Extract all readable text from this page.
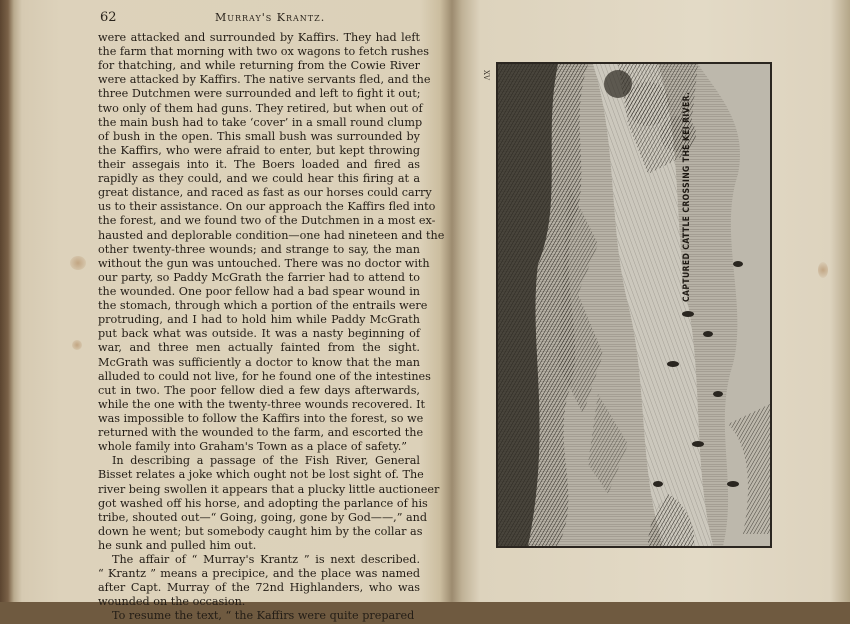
62	Murray's Krantz.
were attacked and surrounded by Kaffirs. They had left
the farm that morning with two ox wagons to fetch rushes
for thatching, and while returning from the Cowie River
were attacked by Kaffirs. The native servants fled, and the
three Dutchmen were surrounded and left to fight it out;
two only of them had guns. They retired, but when out of
the main bush had to take ‘cover’ in a small round clump
of bush in the open. This small bush was surrounded by
the Kaffirs, who were afraid to enter, but kept throwing
their assegais into it. The Boers loaded and fired as
rapidly as they could, and we could hear this firing at a
great distance, and raced as fast as our horses could carry
us to their assistance. On our approach the Kaffirs fled into
the forest, and we found two of the Dutchmen in a most ex-
hausted and deplorable condition—one had nineteen and the
other twenty-three wounds; and strange to say, the man
without the gun was untouched. There was no doctor with
our party, so Paddy McGrath the farrier had to attend to
the wounded. One poor fellow had a bad spear wound in
the stomach, through which a portion of the entrails were
protruding, and I had to hold him while Paddy McGrath
put back what was outside. It was a nasty beginning of
war, and three men actually fainted from the sight.
McGrath was sufficiently a doctor to know that the man
alluded to could not live, for he found one of the intestines
cut in two. The poor fellow died a few days afterwards,
while the one with the twenty-three wounds recovered. It
was impossible to follow the Kaffirs into the forest, so we
returned with the wounded to the farm, and escorted the
whole family into Graham's Town as a place of safety.”
In describing a passage of the Fish River, General
Bisset relates a joke which ought not be lost sight of. The
river being swollen it appears that a plucky little auctioneer
got washed off his horse, and adopting the parlance of his
tribe, shouted out—“ Going, going, gone by God——,” and
down he went; but somebody caught him by the collar as
he sunk and pulled him out.
The affair of “ Murray's Krantz ” is next described.
“ Krantz ” means a precipice, and the place was named
after Capt. Murray of the 72nd Highlanders, who was
wounded on the occasion.
To resume the text, “ the Kaffirs were quite prepared
XV
CAPTURED CATTLE CROSSING THE KEI RIVER.
